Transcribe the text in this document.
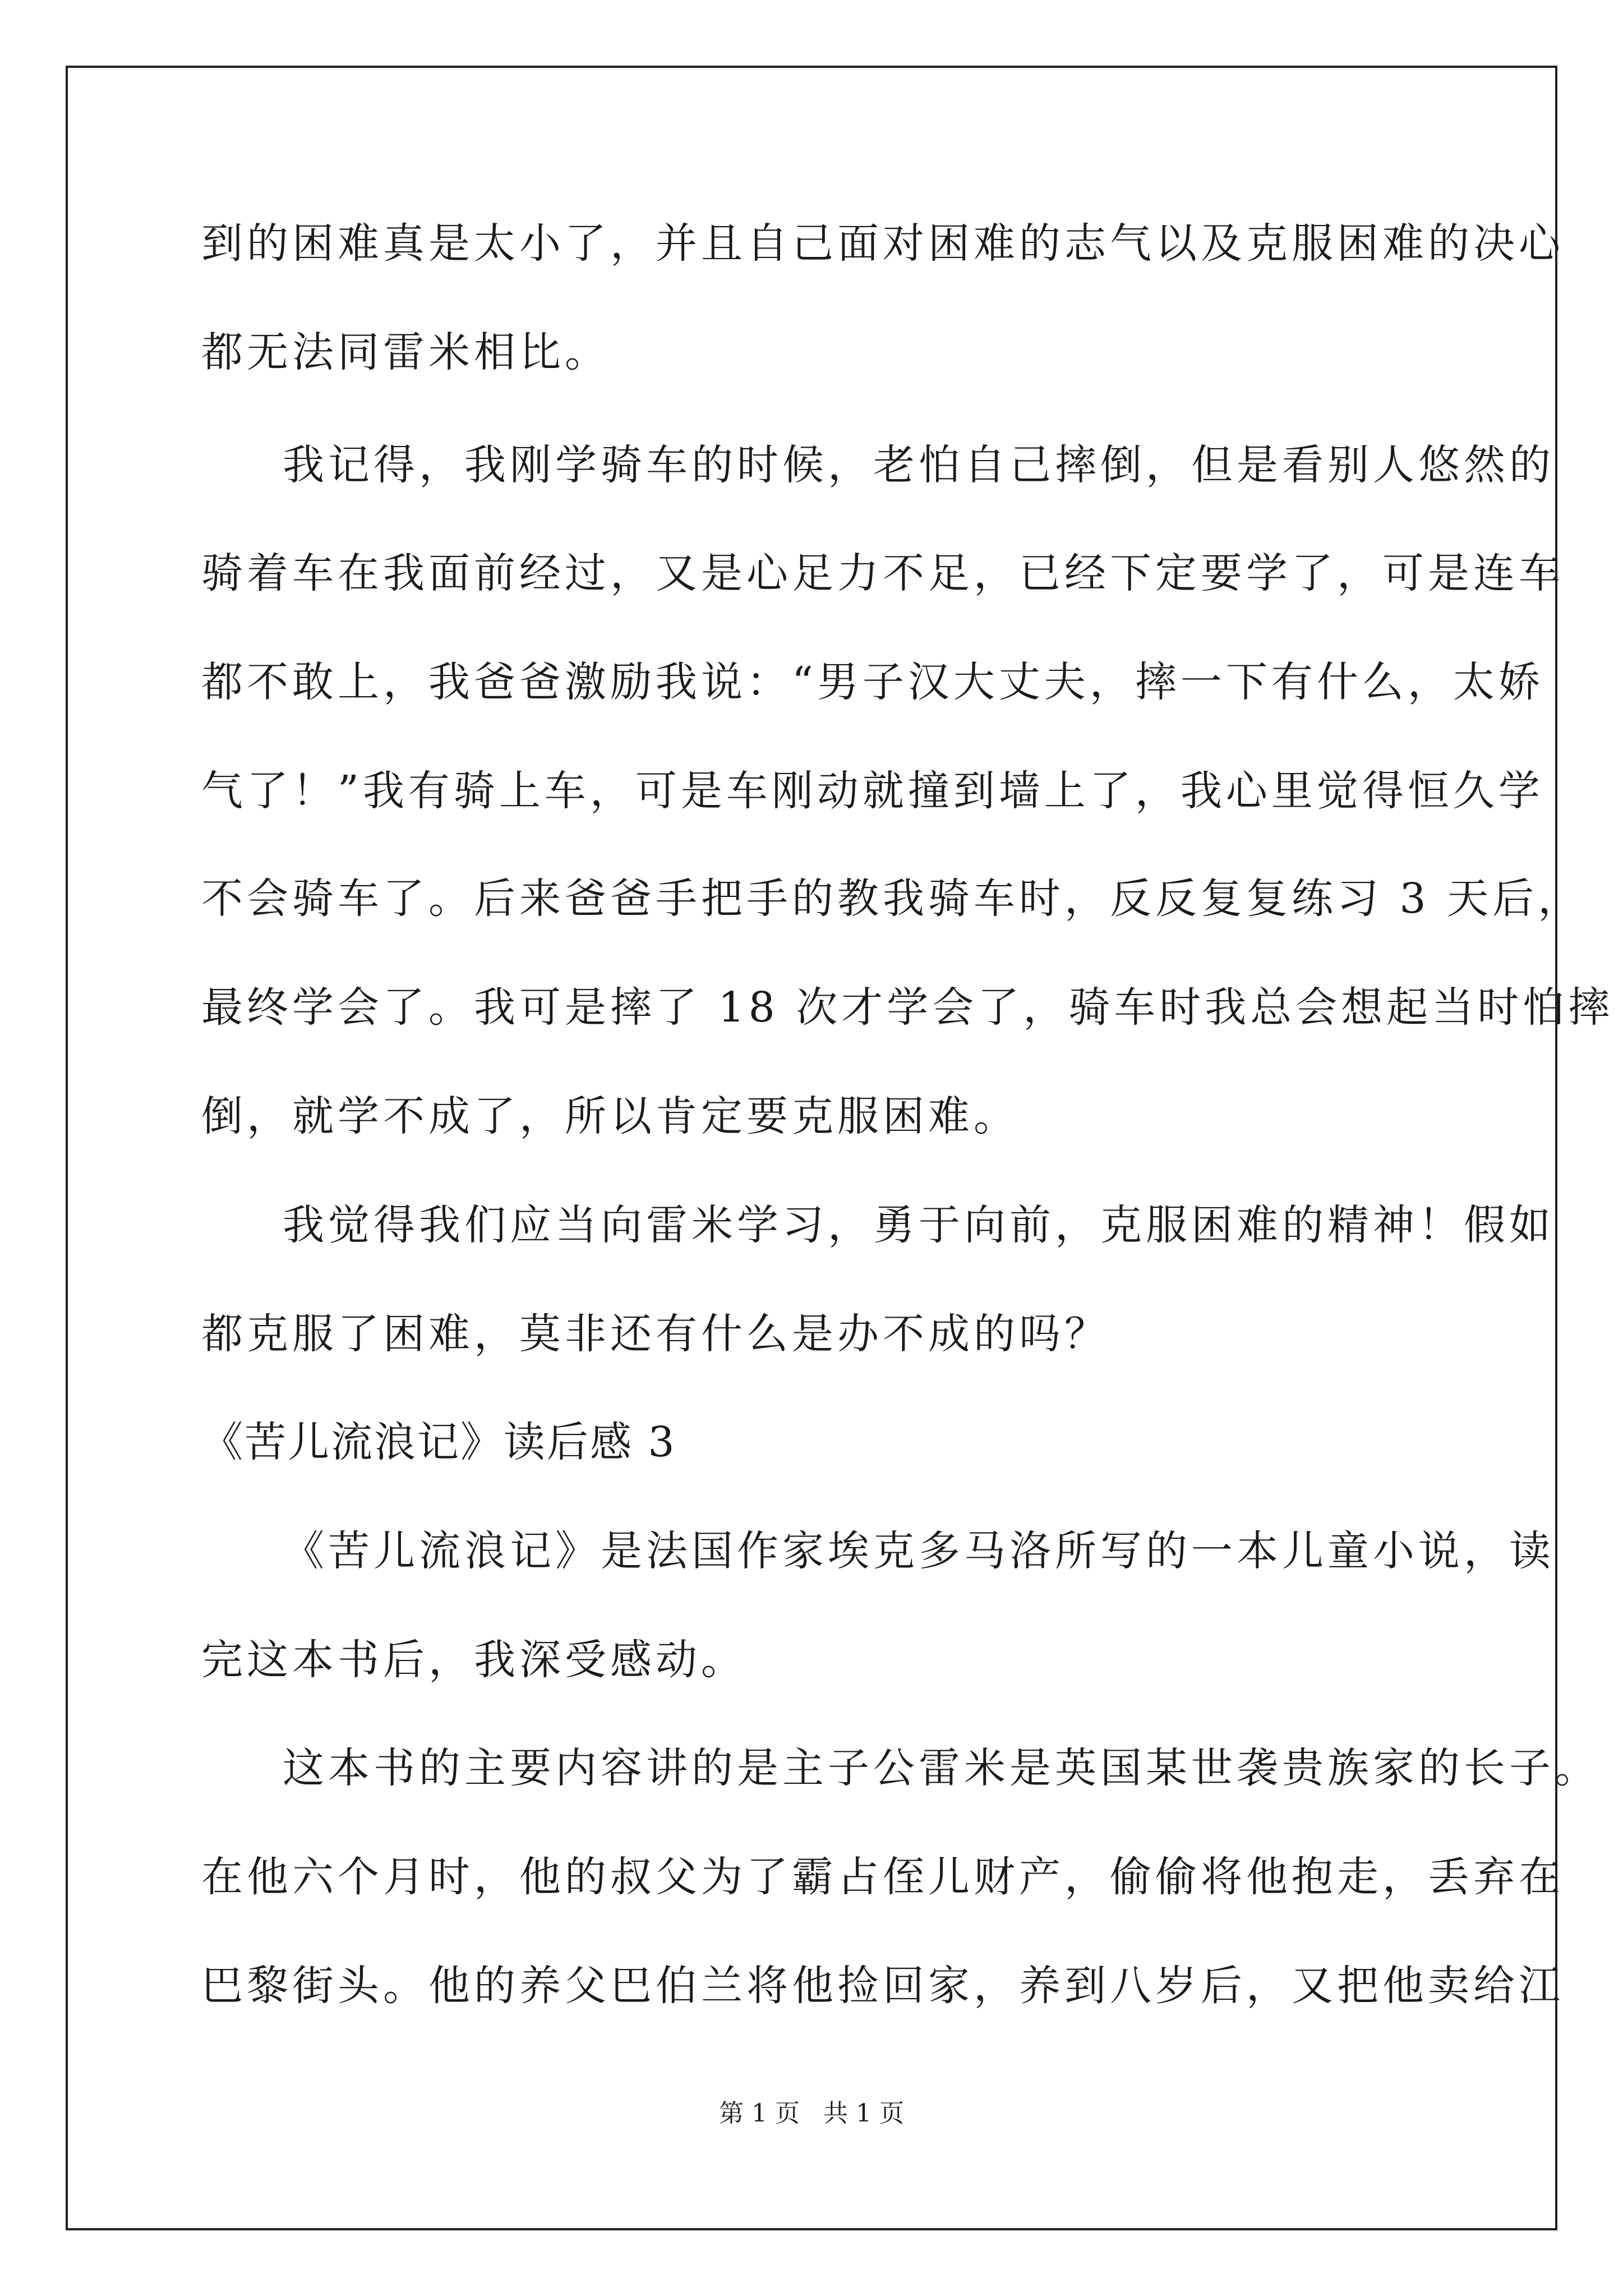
到的困难真是太小了，并且自己面对困难的志气以及克服困难的决心
都无法同雷米相比。
我记得，我刚学骑车的时候，老怕自己摔倒，但是看别人悠然的
骑着车在我面前经过，又是心足力不足，已经下定要学了，可是连车
都不敢上，我爸爸激励我说：“男子汉大丈夫，摔一下有什么，太娇
气了！”我有骑上车，可是车刚动就撞到墙上了，我心里觉得恒久学
不会骑车了。后来爸爸手把手的教我骑车时，反反复复练习 3 天后，
最终学会了。我可是摔了 18 次才学会了，骑车时我总会想起当时怕摔
倒，就学不成了，所以肯定要克服困难。
我觉得我们应当向雷米学习，勇于向前，克服困难的精神！假如
都克服了困难，莫非还有什么是办不成的吗？
《苦儿流浪记》读后感 3
《苦儿流浪记》是法国作家埃克多马洛所写的一本儿童小说，读
完这本书后，我深受感动。
这本书的主要内容讲的是主子公雷米是英国某世袭贵族家的长子。
在他六个月时，他的叔父为了霸占侄儿财产，偷偷将他抱走，丢弃在
巴黎街头。他的养父巴伯兰将他捡回家，养到八岁后，又把他卖给江
第 1 页   共 1 页
